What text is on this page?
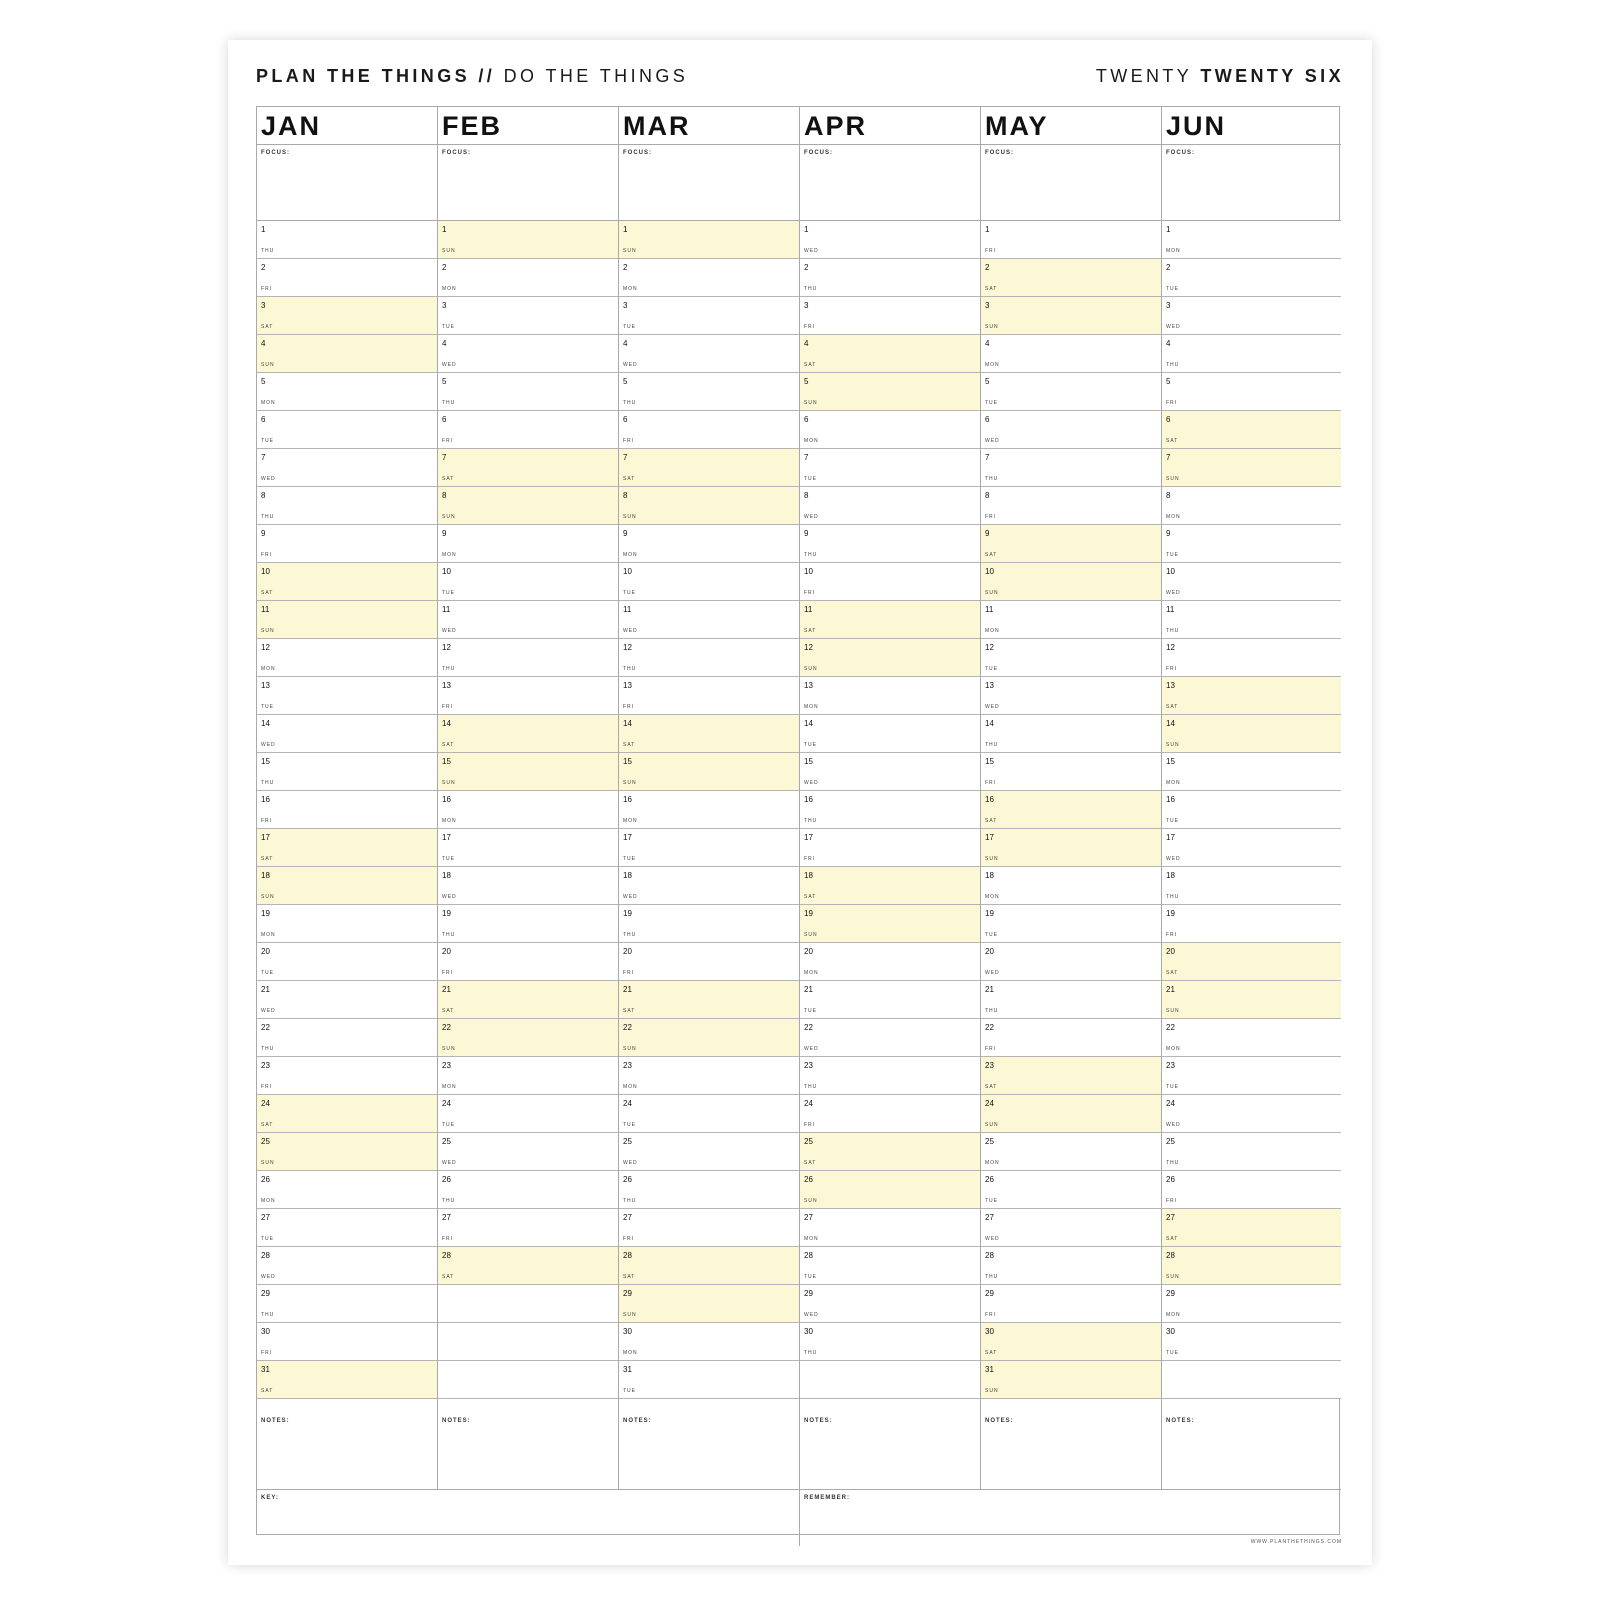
PLAN THE THINGS // DO THE THINGS	TWENTY TWENTY SIX
JAN
FOCUS:
1
THU
2
FRI
3
SAT
4
SUN
5
MON
6
TUE
7
WED
8
THU
9
FRI
10
SAT
11
SUN
12
MON
13
TUE
14
WED
15
THU
16
FRI
17
SAT
18
SUN
19
MON
20
TUE
21
WED
22
THU
23
FRI
24
SAT
25
SUN
26
MON
27
TUE
28
WED
29
THU
30
FRI
31
SAT
NOTES:
FEB
FOCUS:
1
SUN
2
MON
3
TUE
4
WED
5
THU
6
FRI
7
SAT
8
SUN
9
MON
10
TUE
11
WED
12
THU
13
FRI
14
SAT
15
SUN
16
MON
17
TUE
18
WED
19
THU
20
FRI
21
SAT
22
SUN
23
MON
24
TUE
25
WED
26
THU
27
FRI
28
SAT
NOTES:
MAR
FOCUS:
1
SUN
2
MON
3
TUE
4
WED
5
THU
6
FRI
7
SAT
8
SUN
9
MON
10
TUE
11
WED
12
THU
13
FRI
14
SAT
15
SUN
16
MON
17
TUE
18
WED
19
THU
20
FRI
21
SAT
22
SUN
23
MON
24
TUE
25
WED
26
THU
27
FRI
28
SAT
29
SUN
30
MON
31
TUE
NOTES:
APR
FOCUS:
1
WED
2
THU
3
FRI
4
SAT
5
SUN
6
MON
7
TUE
8
WED
9
THU
10
FRI
11
SAT
12
SUN
13
MON
14
TUE
15
WED
16
THU
17
FRI
18
SAT
19
SUN
20
MON
21
TUE
22
WED
23
THU
24
FRI
25
SAT
26
SUN
27
MON
28
TUE
29
WED
30
THU
NOTES:
MAY
FOCUS:
1
FRI
2
SAT
3
SUN
4
MON
5
TUE
6
WED
7
THU
8
FRI
9
SAT
10
SUN
11
MON
12
TUE
13
WED
14
THU
15
FRI
16
SAT
17
SUN
18
MON
19
TUE
20
WED
21
THU
22
FRI
23
SAT
24
SUN
25
MON
26
TUE
27
WED
28
THU
29
FRI
30
SAT
31
SUN
NOTES:
JUN
FOCUS:
1
MON
2
TUE
3
WED
4
THU
5
FRI
6
SAT
7
SUN
8
MON
9
TUE
10
WED
11
THU
12
FRI
13
SAT
14
SUN
15
MON
16
TUE
17
WED
18
THU
19
FRI
20
SAT
21
SUN
22
MON
23
TUE
24
WED
25
THU
26
FRI
27
SAT
28
SUN
29
MON
30
TUE
NOTES:
KEY:	REMEMBER:
WWW.PLANTHETHINGS.COM
